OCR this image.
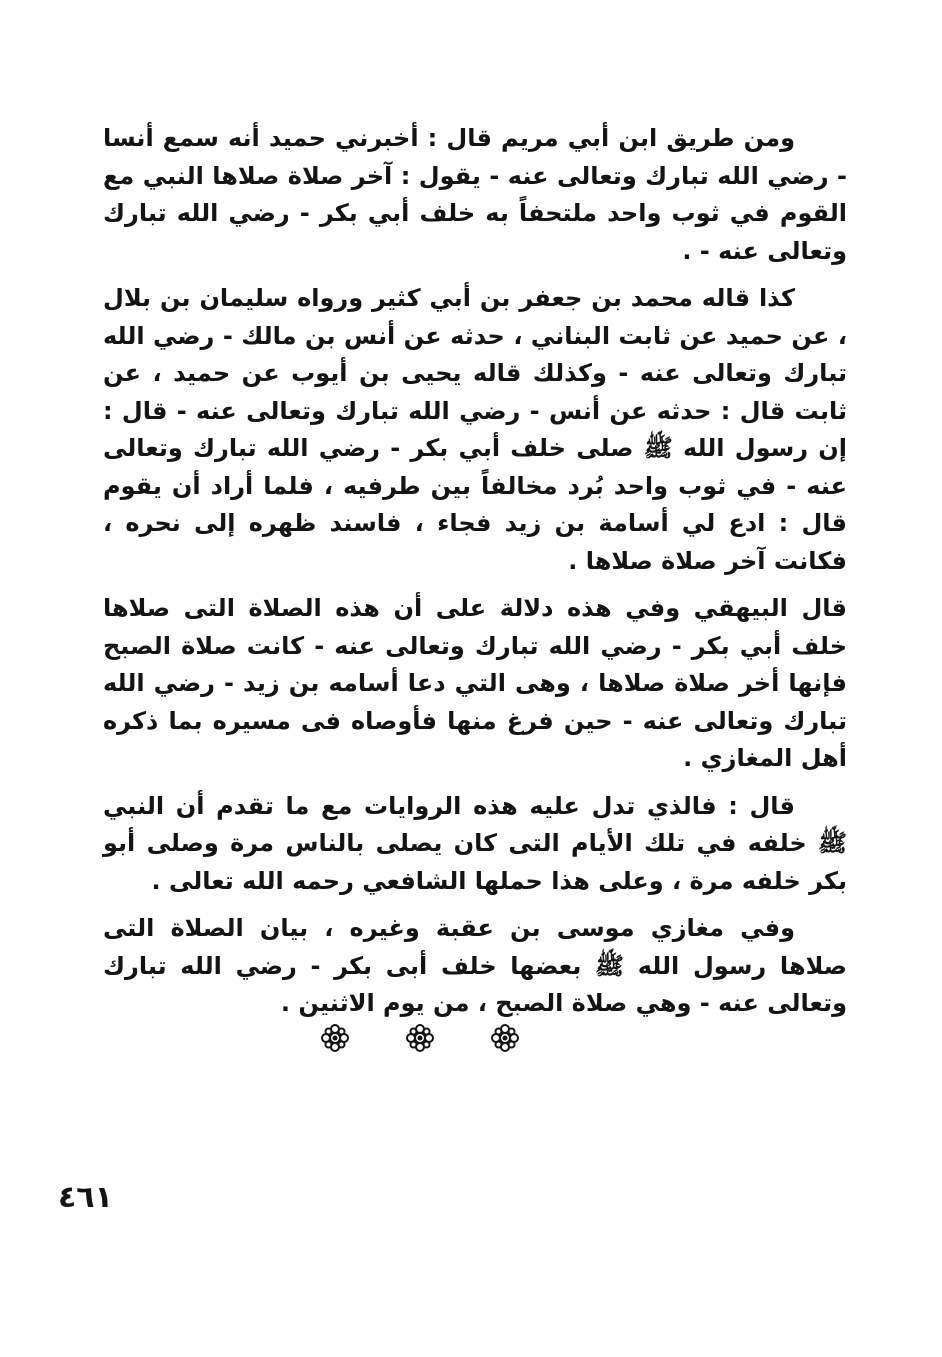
ومن طريق ابن أبي مريم قال : أخبرني حميد أنه سمع أنسا - رضي الله تبارك وتعالى عنه - يقول : آخر صلاة صلاها النبي مع القوم في ثوب واحد ملتحفاً به خلف أبي بكر - رضي الله تبارك وتعالى عنه - .

كذا قاله محمد بن جعفر بن أبي كثير ورواه سليمان بن بلال ، عن حميد عن ثابت البناني ، حدثه عن أنس بن مالك - رضي الله تبارك وتعالى عنه - وكذلك قاله يحيى بن أيوب عن حميد ، عن ثابت قال : حدثه عن أنس - رضي الله تبارك وتعالى عنه - قال : إن رسول الله ﷺ صلى خلف أبي بكر - رضي الله تبارك وتعالى عنه - في ثوب واحد بُرد مخالفاً بين طرفيه ، فلما أراد أن يقوم قال : ادع لي أسامة بن زيد فجاء ، فاسند ظهره إلى نحره ، فكانت آخر صلاة صلاها .

قال البيهقي وفي هذه دلالة على أن هذه الصلاة التى صلاها خلف أبي بكر - رضي الله تبارك وتعالى عنه - كانت صلاة الصبح فإنها أخر صلاة صلاها ، وهى التي دعا أسامه بن زيد - رضي الله تبارك وتعالى عنه - حين فرغ منها فأوصاه فى مسيره بما ذكره أهل المغازي .

قال : فالذي تدل عليه هذه الروايات مع ما تقدم أن النبي ﷺ خلفه في تلك الأيام التى كان يصلى بالناس مرة وصلى أبو بكر خلفه مرة ، وعلى هذا حملها الشافعي رحمه الله تعالى .

وفي مغازي موسى بن عقبة وغيره ، بيان الصلاة التى صلاها رسول الله ﷺ بعضها خلف أبى بكر - رضي الله تبارك وتعالى عنه - وهي صلاة الصبح ، من يوم الاثنين .

٤٦١
